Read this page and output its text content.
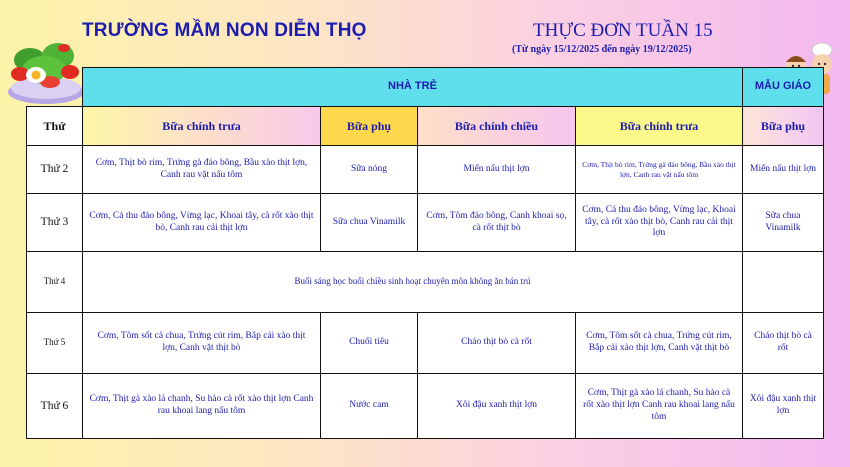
TRƯỜNG MẦM NON DIỄN THỌ	THỰC ĐƠN TUẦN 15
(Từ ngày 15/12/2025 đến ngày 19/12/2025)
	NHÀ TRẺ				MẪU GIÁO
Thứ	Bữa chính trưa	Bữa phụ	Bữa chính chiều	Bữa chính trưa	Bữa phụ
Thứ 2	Cơm, Thịt bò rim, Trứng gà đảo bông, Bầu xào thịt lợn, Canh rau vặt nấu tôm	Sữa nóng	Miến nấu thịt lợn	Cơm, Thịt bò rim, Trứng gà đảo bông, Bầu xào thịt lợn, Canh rau vặt nấu tôm	Miến nấu thịt lợn
Thứ 3	Cơm, Cá thu đảo bông, Vừng lạc, Khoai tây, cà rốt xào thịt bò, Canh rau cải thịt lợn	Sữa chua Vinamilk	Cơm, Tôm đảo bông, Canh khoai sọ, cà rốt thịt bò	Cơm, Cá thu đảo bông, Vừng lạc, Khoai tây, cà rốt xào thịt bò, Canh rau cải thịt lợn	Sữa chua Vinamilk
Thứ 4	Buổi sáng học buổi chiều sinh hoạt chuyên môn không ăn bán trú				
Thứ 5	Cơm, Tôm sốt cà chua, Trứng cút rim, Bắp cải xào thịt lợn, Canh vặt thịt bò	Chuối tiêu	Cháo thịt bò cà rốt	Cơm, Tôm sốt cà chua, Trứng cút rim, Bắp cải xào thịt lợn, Canh vặt thịt bò	Cháo thịt bò cà rốt
Thứ 6	Cơm, Thịt gà xào lá chanh, Su hào cà rốt xào thịt lợn Canh rau khoai lang nấu tôm	Nước cam	Xôi đậu xanh thịt lợn	Cơm, Thịt gà xào lá chanh, Su hào cà rốt xào thịt lợn Canh rau khoai lang nấu tôm	Xôi đậu xanh thịt lợn
